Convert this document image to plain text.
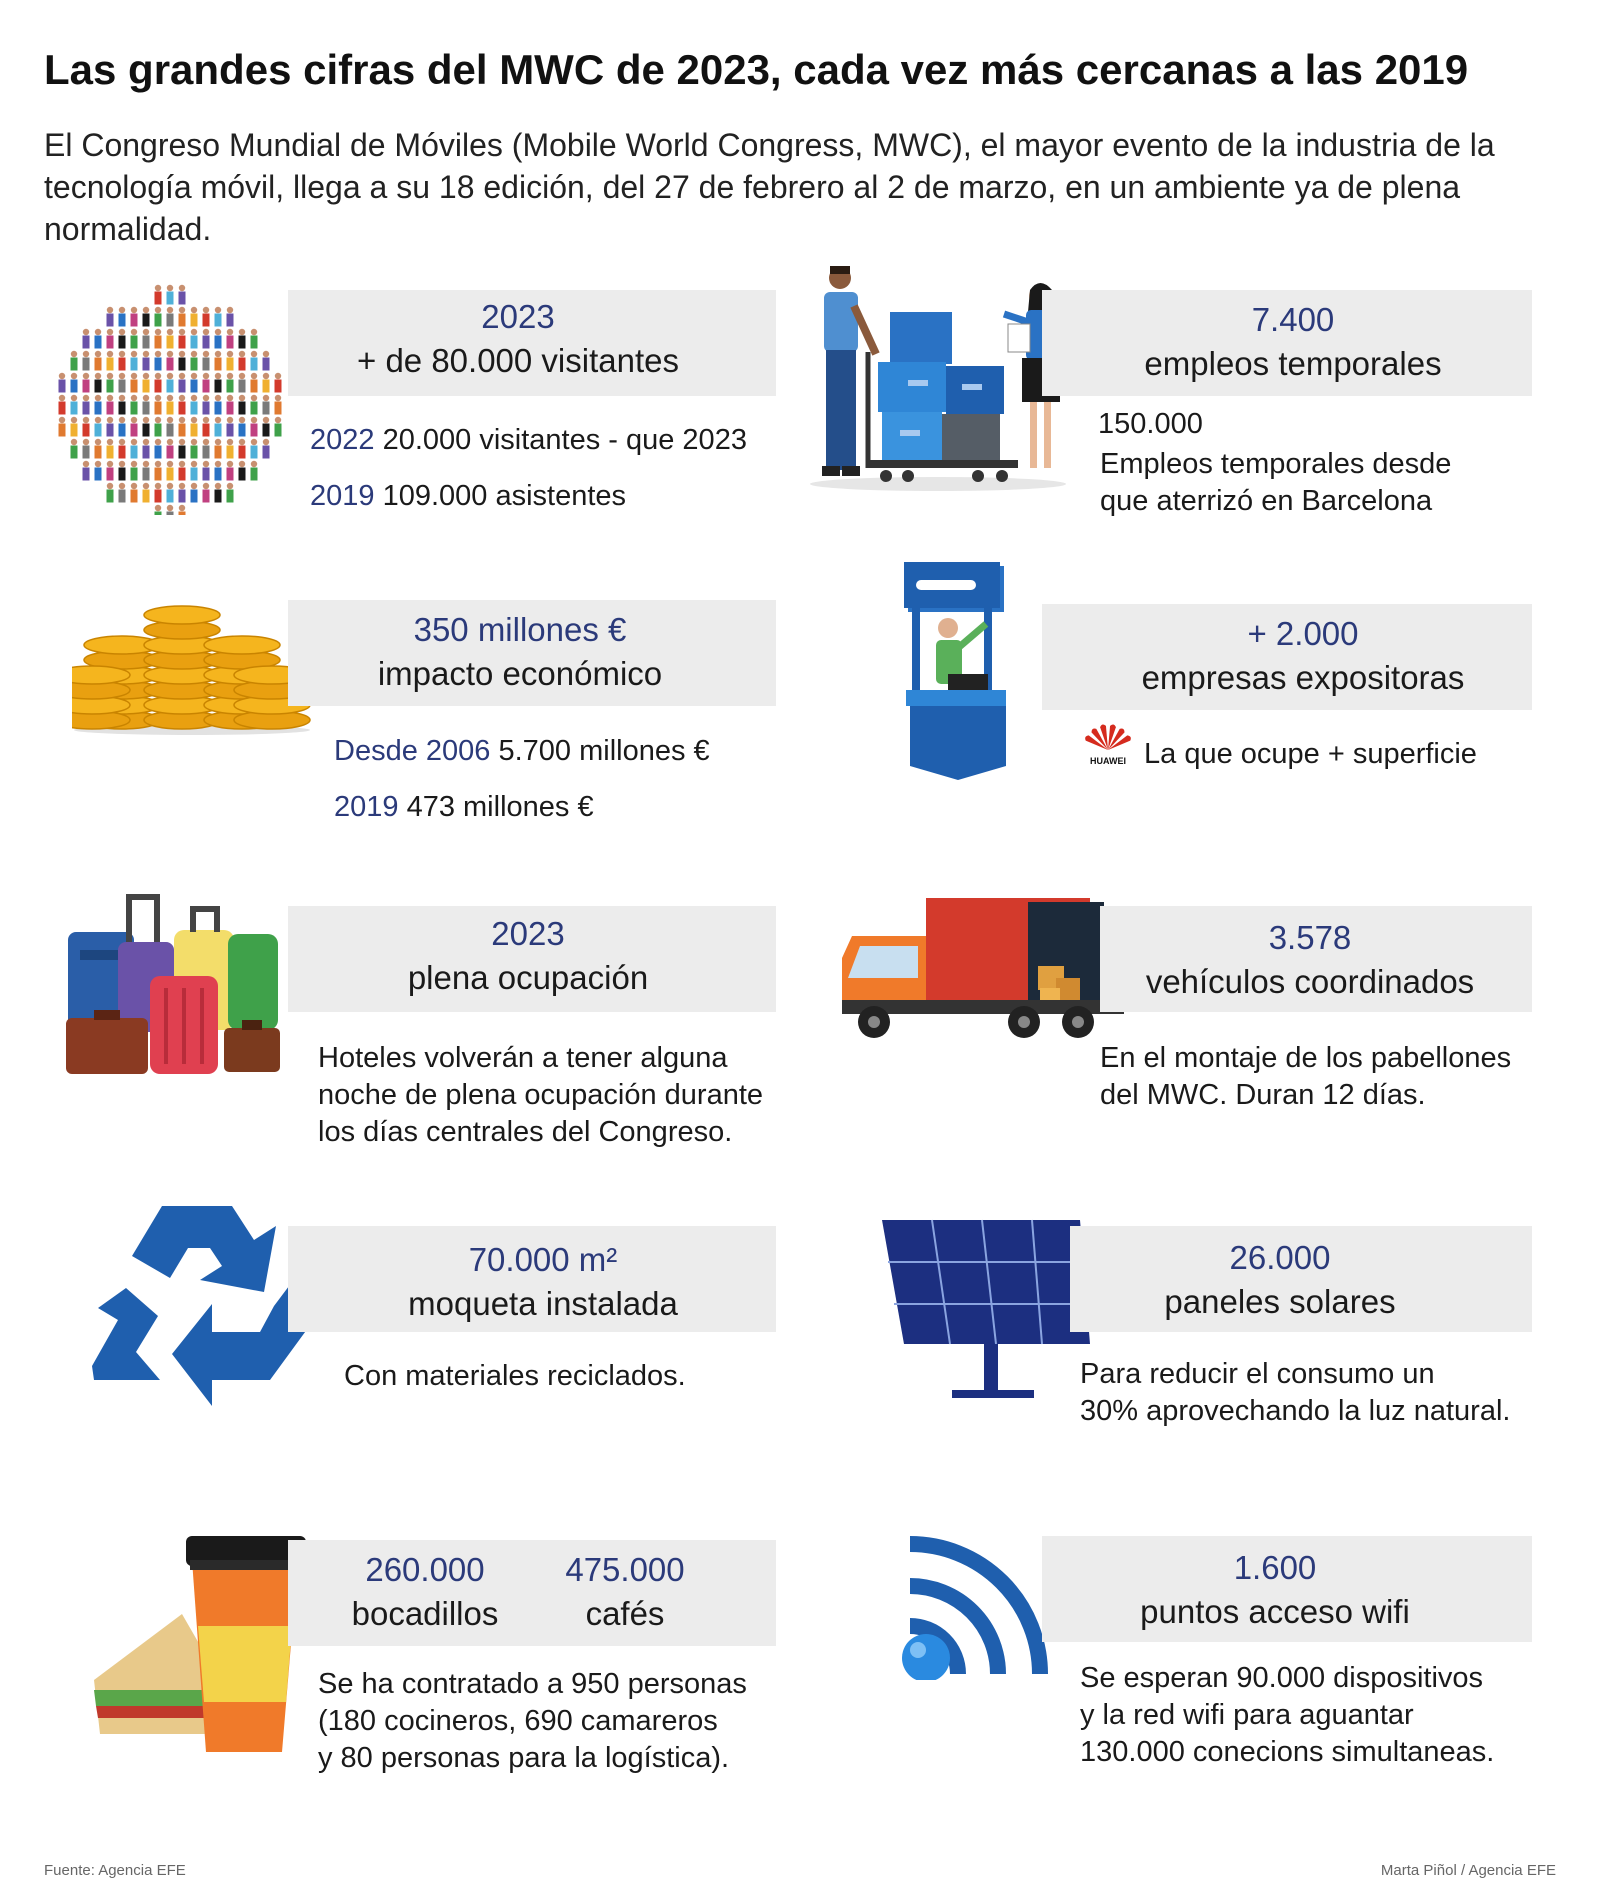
Las grandes cifras del MWC de 2023, cada vez más cercanas a las 2019
El Congreso Mundial de Móviles (Mobile World Congress, MWC), el mayor evento de la industria de la tecnología móvil, llega a su 18 edición, del 27 de febrero al 2 de marzo, en un ambiente ya de plena normalidad.
2023
+ de 80.000 visitantes
2022 20.000 visitantes - que 2023
2019 109.000 asistentes
7.400
empleos temporales
150.000
Empleos temporales desde
que aterrizó en Barcelona
350 millones €
impacto económico
Desde 2006 5.700 millones €
2019 473 millones €
+ 2.000
empresas expositoras
HUAWEI La que ocupe + superficie
2023
plena ocupación
Hoteles volverán a tener alguna
noche de plena ocupación durante
los días centrales del Congreso.
3.578
vehículos coordinados
En el montaje de los pabellones
del MWC. Duran 12 días.
70.000 m²
moqueta instalada
Con materiales reciclados.
26.000
paneles solares
Para reducir el consumo un
30% aprovechando la luz natural.
260.000
bocadillos
475.000
cafés
Se ha contratado a 950 personas
(180 cocineros, 690 camareros
y 80 personas para la logística).
1.600
puntos acceso wifi
Se esperan 90.000 dispositivos
y la red wifi para aguantar
130.000 conecions simultaneas.
Fuente: Agencia EFE	Marta Piñol / Agencia EFE
